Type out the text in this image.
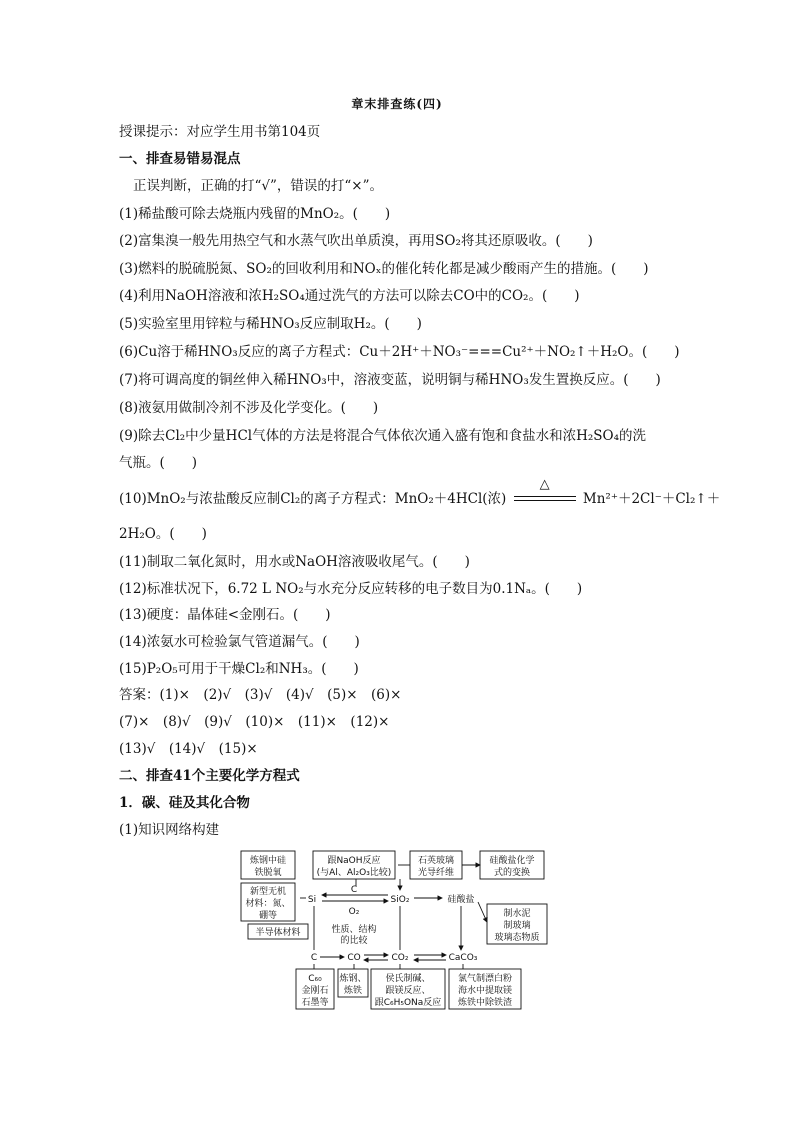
章末排查练(四)
授课提示：对应学生用书第104页
一、排查易错易混点
正误判断，正确的打“√”，错误的打“×”。
(1)稀盐酸可除去烧瓶内残留的MnO₂。(　　)
(2)富集溴一般先用热空气和水蒸气吹出单质溴，再用SO₂将其还原吸收。(　　)
(3)燃料的脱硫脱氮、SO₂的回收利用和NOₓ的催化转化都是减少酸雨产生的措施。(　　)
(4)利用NaOH溶液和浓H₂SO₄通过洗气的方法可以除去CO中的CO₂。(　　)
(5)实验室里用锌粒与稀HNO₃反应制取H₂。(　　)
(6)Cu溶于稀HNO₃反应的离子方程式：Cu＋2H⁺＋NO₃⁻===Cu²⁺＋NO₂↑＋H₂O。(　　)
(7)将可调高度的铜丝伸入稀HNO₃中，溶液变蓝，说明铜与稀HNO₃发生置换反应。(　　)
(8)液氨用做制冷剂不涉及化学变化。(　　)
(9)除去Cl₂中少量HCl气体的方法是将混合气体依次通入盛有饱和食盐水和浓H₂SO₄的洗
气瓶。(　　)
(10)MnO₂与浓盐酸反应制Cl₂的离子方程式：MnO₂＋4HCl(浓)
△
Mn²⁺＋2Cl⁻＋Cl₂↑＋
2H₂O。(　　)
(11)制取二氧化氮时，用水或NaOH溶液吸收尾气。(　　)
(12)标准状况下，6.72 L NO₂与水充分反应转移的电子数目为0.1Nₐ。(　　)
(13)硬度：晶体硅<金刚石。(　　)
(14)浓氨水可检验氯气管道漏气。(　　)
(15)P₂O₅可用于干燥Cl₂和NH₃。(　　)
答案：(1)×　(2)√　(3)√　(4)√　(5)×　(6)×
(7)×　(8)√　(9)√　(10)×　(11)×　(12)×
(13)√　(14)√　(15)×
二、排查41个主要化学方程式
1．碳、硅及其化合物
(1)知识网络构建
炼钢中硅
铁脱氧
跟NaOH反应
(与Al、Al₂O₃比较)
石英玻璃
光导纤维
硅酸盐化学
式的变换
新型无机
材料：氮、
硼等
Si	SiO₂	硅酸盐
C
O₂	制水泥
制玻璃
玻璃态物质
半导体材料	性质、结构
的比较
C	CO	CO₂	CaCO₃
C₆₀
金刚石
石墨等
炼钢、
炼铁
侯氏制碱、
跟镁反应、
跟C₆H₅ONa反应
氯气制漂白粉
海水中提取镁
炼铁中除铁渣
